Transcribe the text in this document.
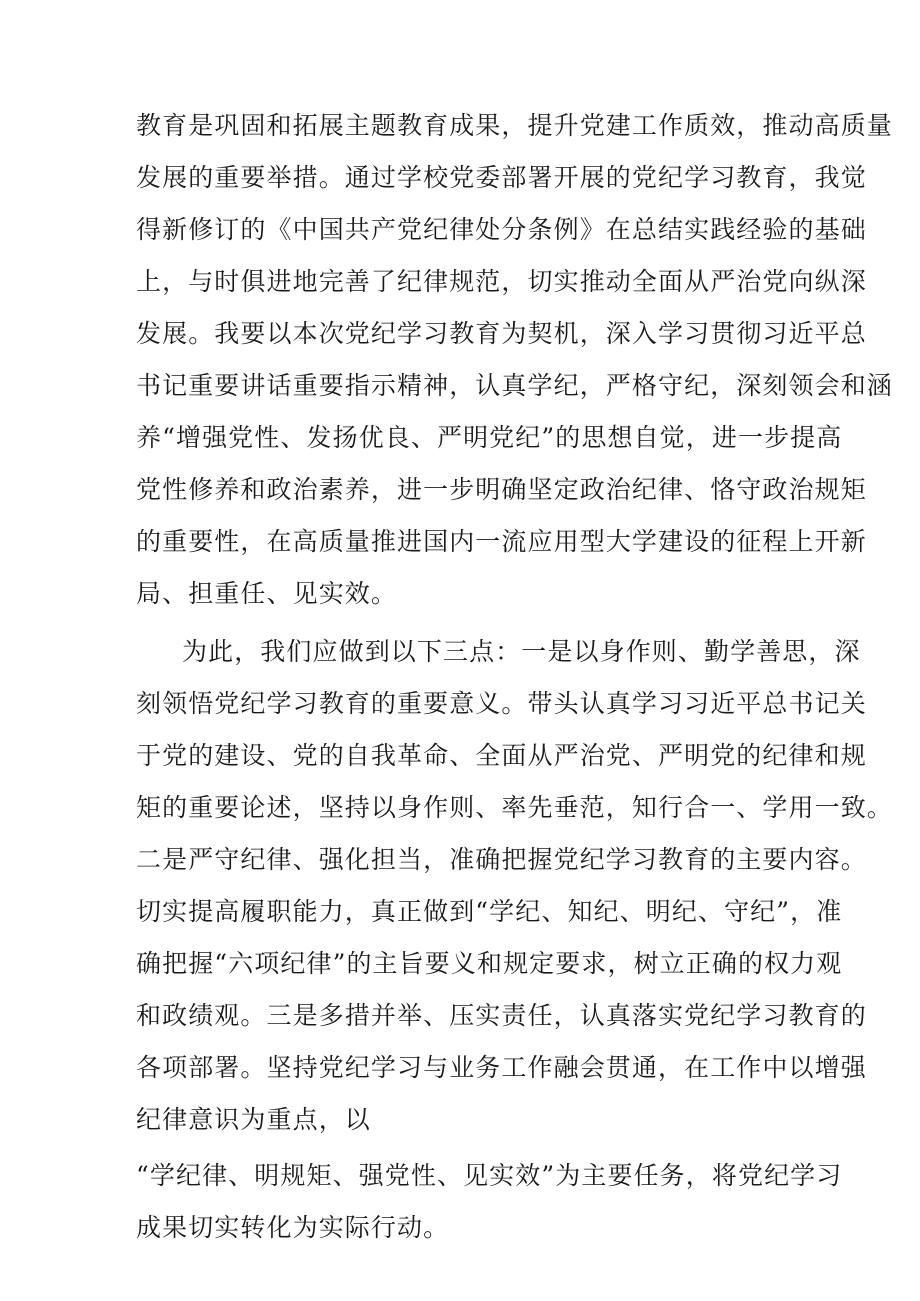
教育是巩固和拓展主题教育成果，提升党建工作质效，推动高质量
发展的重要举措。通过学校党委部署开展的党纪学习教育，我觉
得新修订的《中国共产党纪律处分条例》在总结实践经验的基础
上，与时俱进地完善了纪律规范，切实推动全面从严治党向纵深
发展。我要以本次党纪学习教育为契机，深入学习贯彻习近平总
书记重要讲话重要指示精神，认真学纪，严格守纪，深刻领会和涵
养“增强党性、发扬优良、严明党纪”的思想自觉，进一步提高
党性修养和政治素养，进一步明确坚定政治纪律、恪守政治规矩
的重要性，在高质量推进国内一流应用型大学建设的征程上开新
局、担重任、见实效。
为此，我们应做到以下三点：一是以身作则、勤学善思，深
刻领悟党纪学习教育的重要意义。带头认真学习习近平总书记关
于党的建设、党的自我革命、全面从严治党、严明党的纪律和规
矩的重要论述，坚持以身作则、率先垂范，知行合一、学用一致。
二是严守纪律、强化担当，准确把握党纪学习教育的主要内容。
切实提高履职能力，真正做到“学纪、知纪、明纪、守纪”，准
确把握“六项纪律”的主旨要义和规定要求，树立正确的权力观
和政绩观。三是多措并举、压实责任，认真落实党纪学习教育的
各项部署。坚持党纪学习与业务工作融会贯通，在工作中以增强
纪律意识为重点，以
“学纪律、明规矩、强党性、见实效”为主要任务，将党纪学习
成果切实转化为实际行动。
